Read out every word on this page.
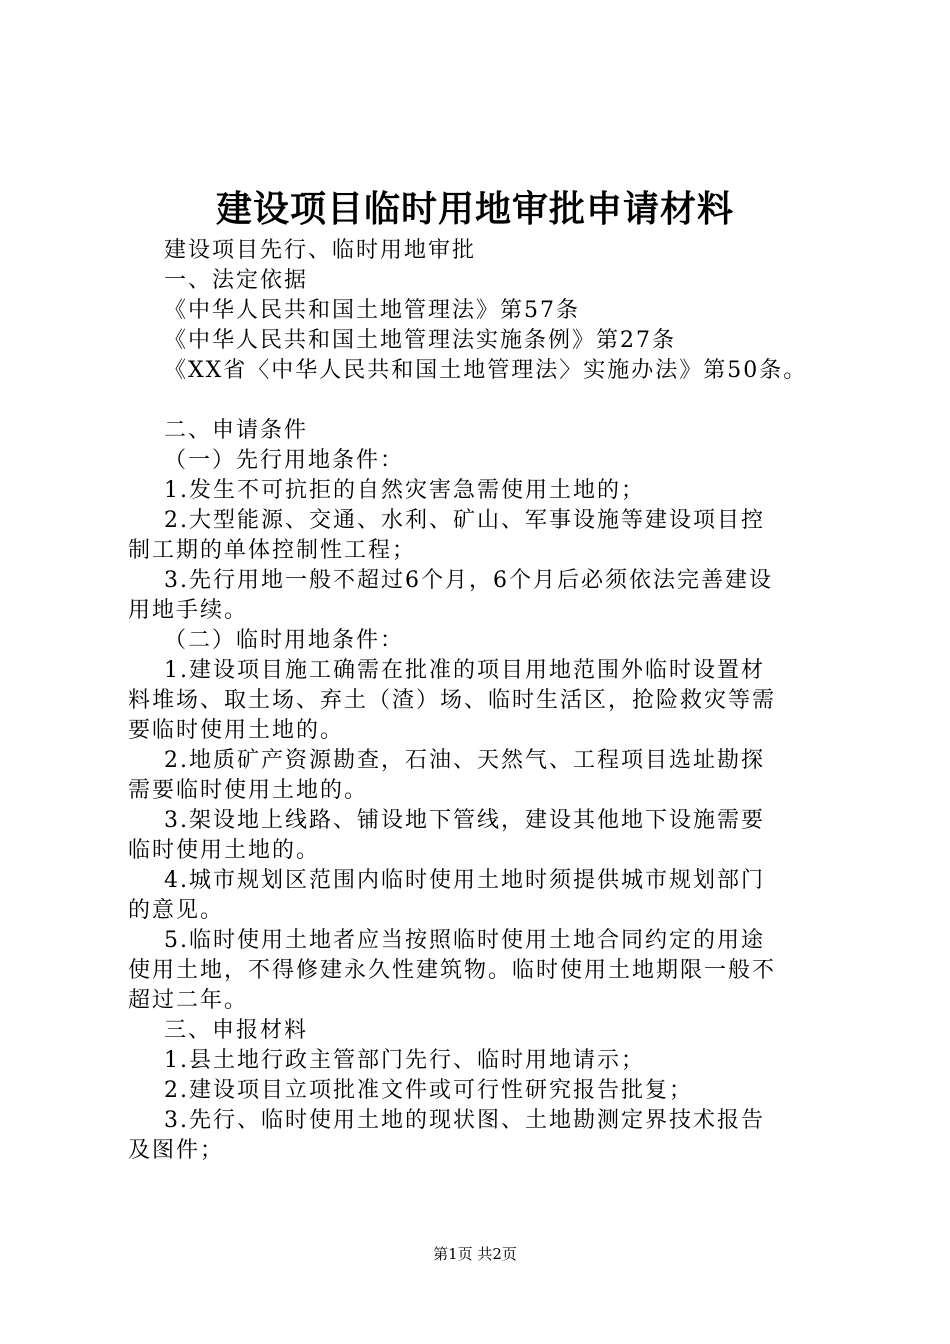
建设项目临时用地审批申请材料
建设项目先行、临时用地审批
一、法定依据
《中华人民共和国土地管理法》第57条
《中华人民共和国土地管理法实施条例》第27条
《XX省〈中华人民共和国土地管理法〉实施办法》第50条。
二、申请条件
（一）先行用地条件：
1.发生不可抗拒的自然灾害急需使用土地的；
2.大型能源、交通、水利、矿山、军事设施等建设项目控
制工期的单体控制性工程；
3.先行用地一般不超过6个月，6个月后必须依法完善建设
用地手续。
（二）临时用地条件：
1.建设项目施工确需在批准的项目用地范围外临时设置材
料堆场、取土场、弃土（渣）场、临时生活区，抢险救灾等需
要临时使用土地的。
2.地质矿产资源勘查，石油、天然气、工程项目选址勘探
需要临时使用土地的。
3.架设地上线路、铺设地下管线，建设其他地下设施需要
临时使用土地的。
4.城市规划区范围内临时使用土地时须提供城市规划部门
的意见。
5.临时使用土地者应当按照临时使用土地合同约定的用途
使用土地，不得修建永久性建筑物。临时使用土地期限一般不
超过二年。
三、申报材料
1.县土地行政主管部门先行、临时用地请示；
2.建设项目立项批准文件或可行性研究报告批复；
3.先行、临时使用土地的现状图、土地勘测定界技术报告
及图件；
第1页 共2页
